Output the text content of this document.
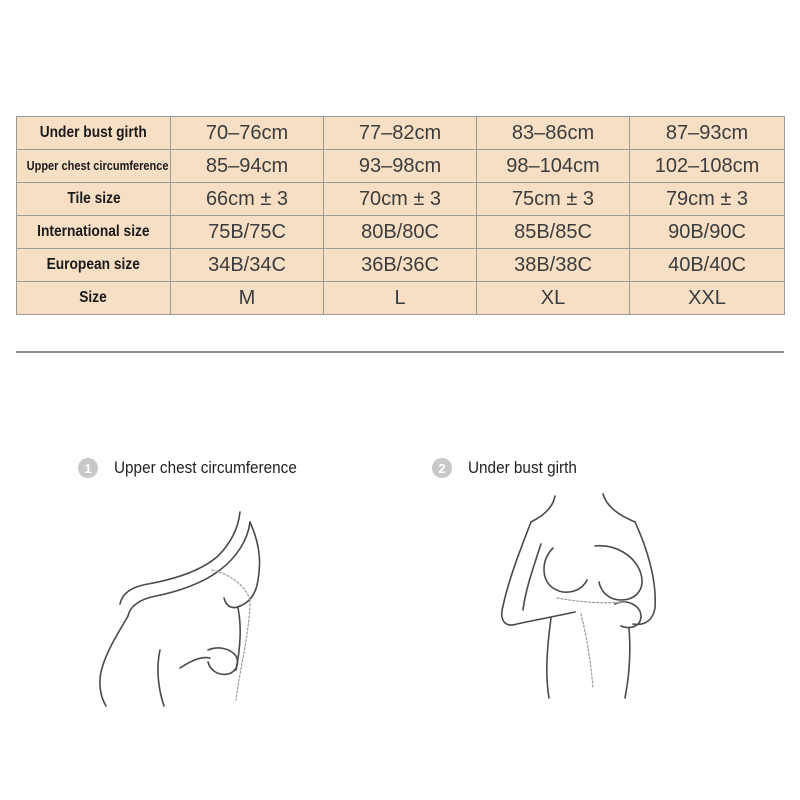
Under bust girth	70–76cm	77–82cm	83–86cm	87–93cm
Upper chest circumference	85–94cm	93–98cm	98–104cm	102–108cm
Tile size	66cm ± 3	70cm ± 3	75cm ± 3	79cm ± 3
International size	75B/75C	80B/80C	85B/85C	90B/90C
European size	34B/34C	36B/36C	38B/38C	40B/40C
Size	M	L	XL	XXL
1	Upper chest circumference	2	Under bust girth
